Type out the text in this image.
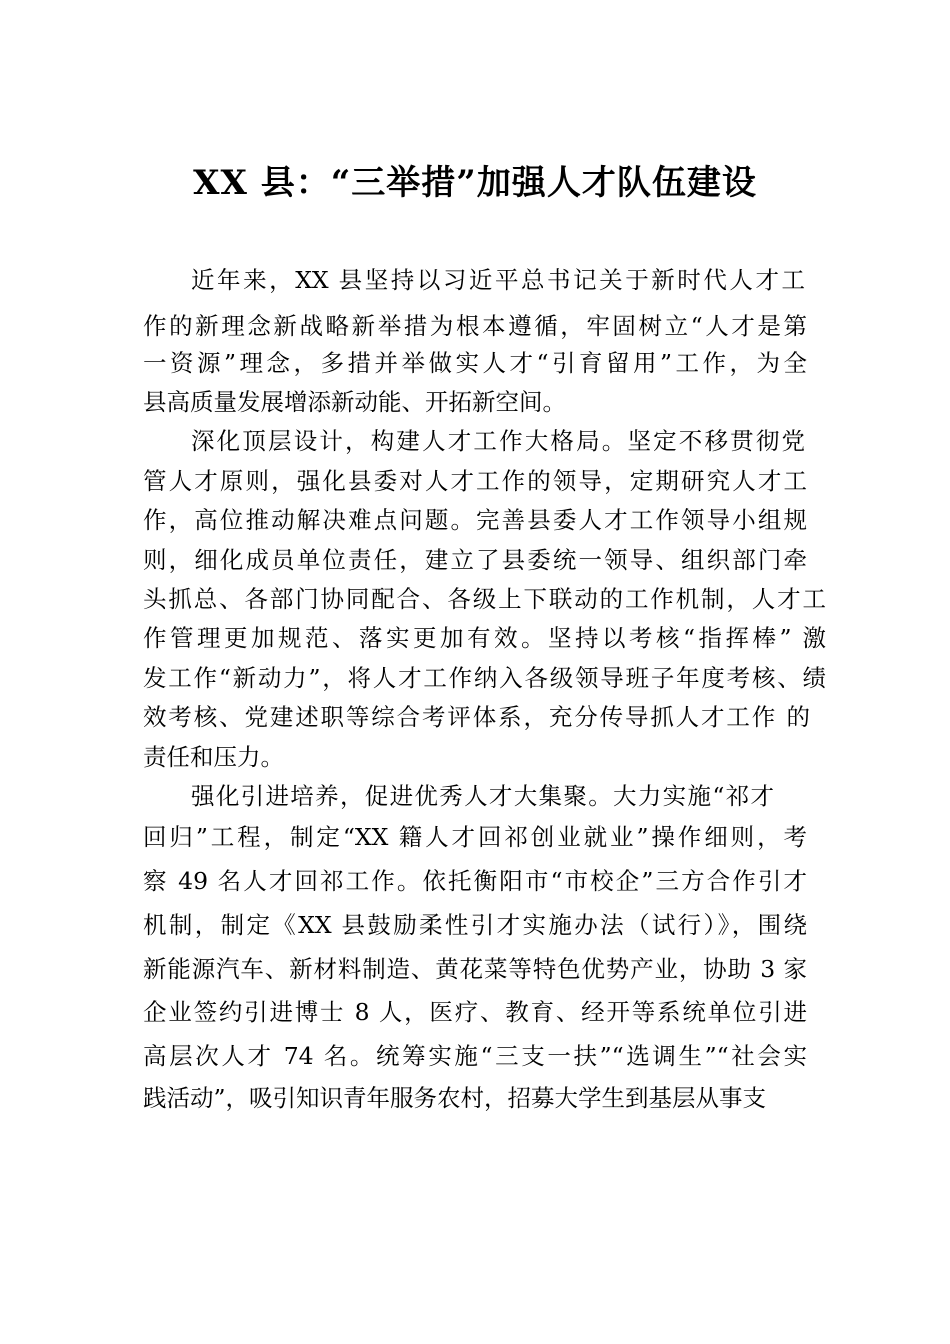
XX 县：“三举措”加强人才队伍建设
近年来，XX 县坚持以习近平总书记关于新时代人才工
作的新理念新战略新举措为根本遵循，牢固树立“人才是第
一资源”理念，多措并举做实人才“引育留用”工作，为全
县高质量发展增添新动能、开拓新空间。
深化顶层设计，构建人才工作大格局。坚定不移贯彻党
管人才原则，强化县委对人才工作的领导，定期研究人才工
作，高位推动解决难点问题。完善县委人才工作领导小组规
则，细化成员单位责任，建立了县委统一领导、组织部门牵
头抓总、各部门协同配合、各级上下联动的工作机制，人才工
作管理更加规范、落实更加有效。坚持以考核“指挥棒” 激
发工作“新动力”，将人才工作纳入各级领导班子年度考核、绩
效考核、党建述职等综合考评体系，充分传导抓人才工作 的
责任和压力。
强化引进培养，促进优秀人才大集聚。大力实施“祁才
回归”工程，制定“XX 籍人才回祁创业就业”操作细则，考
察 49 名人才回祁工作。依托衡阳市“市校企”三方合作引才
机制，制定《XX 县鼓励柔性引才实施办法（试行）》，围绕
新能源汽车、新材料制造、黄花菜等特色优势产业，协助 3 家
企业签约引进博士 8 人，医疗、教育、经开等系统单位引进
高层次人才 74 名。统筹实施“三支一扶”“选调生”“社会实
践活动”，吸引知识青年服务农村，招募大学生到基层从事支
